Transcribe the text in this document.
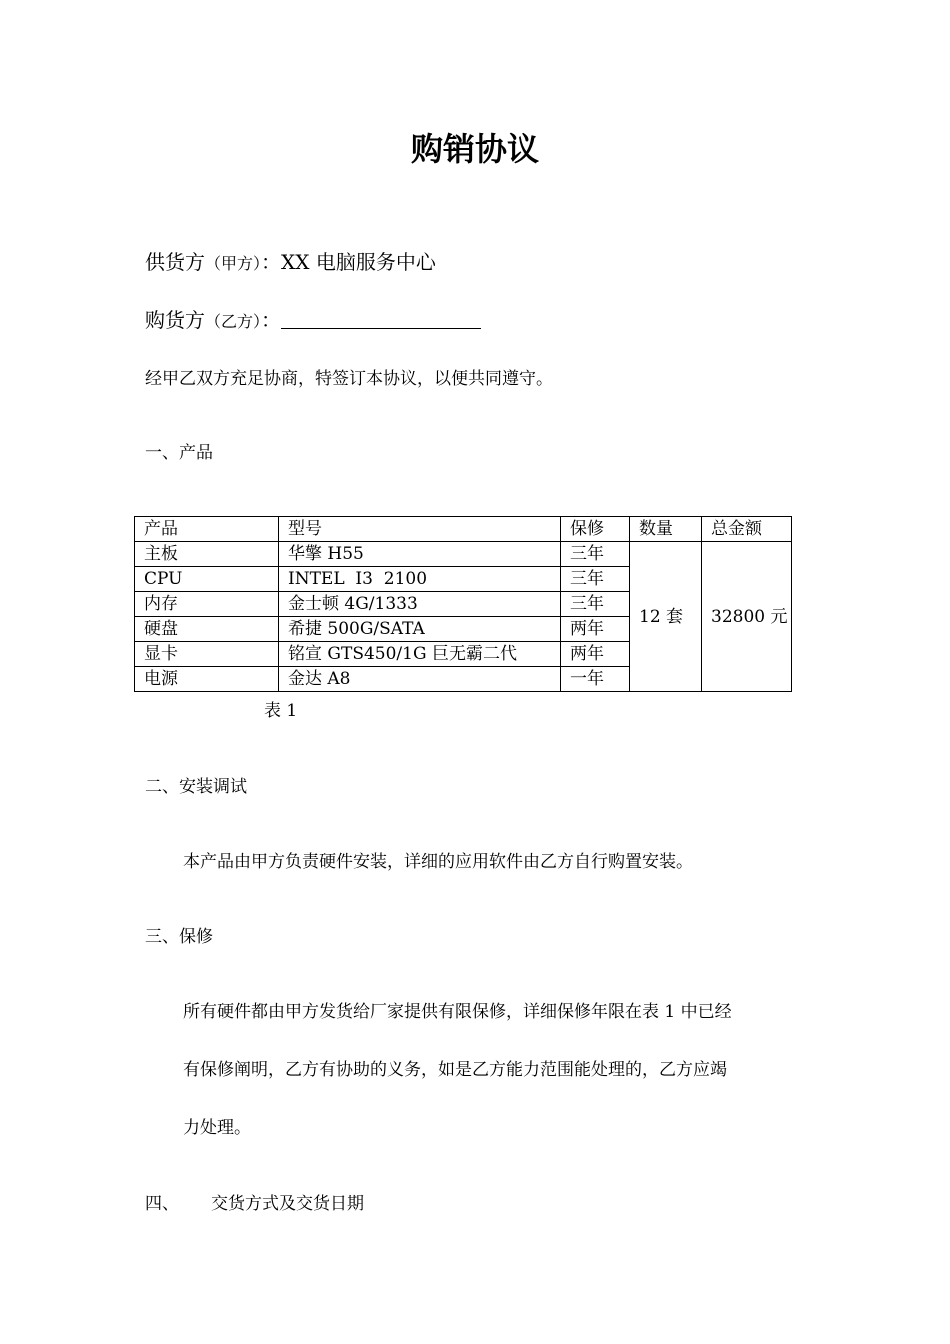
购销协议
供货方（甲方）：XX 电脑服务中心
购货方（乙方）：
经甲乙双方充足协商，特签订本协议，以便共同遵守。
一、产品
产品	型号	保修	数量	总金额
主板	华擎 H55	三年	12 套	32800 元
CPU	INTEL  I3  2100	三年		
内存	金士顿 4G/1333	三年		
硬盘	希捷 500G/SATA	两年		
显卡	铭宣 GTS450/1G 巨无霸二代	两年		
电源	金达 A8	一年		
表 1
二、安装调试
本产品由甲方负责硬件安装，详细的应用软件由乙方自行购置安装。
三、保修
所有硬件都由甲方发货给厂家提供有限保修，详细保修年限在表 1 中已经
有保修阐明，乙方有协助的义务，如是乙方能力范围能处理的，乙方应竭
力处理。
四、 交货方式及交货日期
